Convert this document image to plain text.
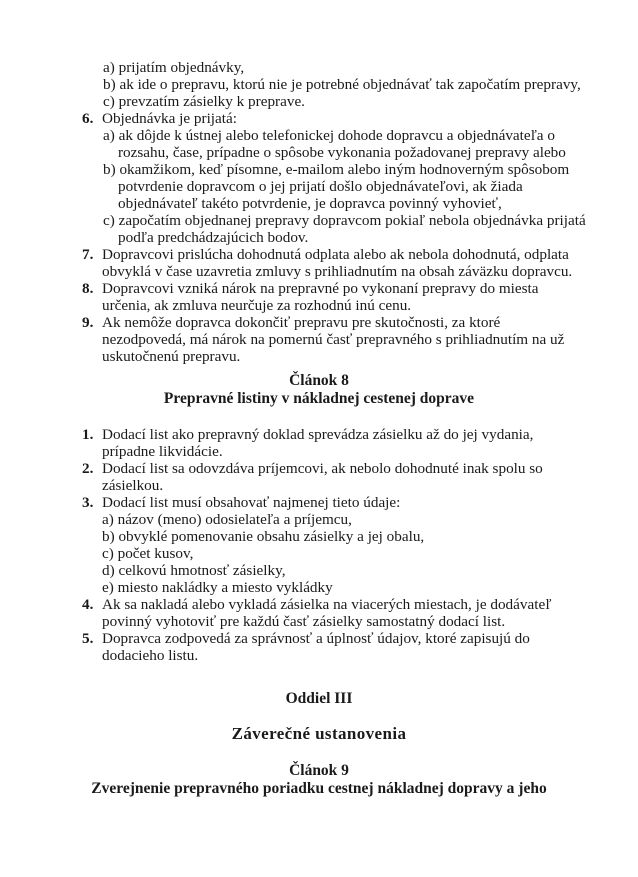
a) prijatím objednávky,
b) ak ide o prepravu, ktorú nie je potrebné objednávať tak započatím prepravy,
c) prevzatím zásielky k preprave.
6. Objednávka je prijatá:
a) ak dôjde k ústnej alebo telefonickej dohode dopravcu a objednávateľa o
rozsahu, čase, prípadne o spôsobe vykonania požadovanej prepravy alebo
b) okamžikom, keď písomne, e-mailom alebo iným hodnoverným spôsobom
potvrdenie dopravcom o jej prijatí došlo objednávateľovi, ak žiada
objednávateľ takéto potvrdenie, je dopravca povinný vyhovieť,
c) započatím objednanej prepravy dopravcom pokiaľ nebola objednávka prijatá
podľa predchádzajúcich bodov.
7. Dopravcovi prislúcha dohodnutá odplata alebo ak nebola dohodnutá, odplata
obvyklá v čase uzavretia zmluvy s prihliadnutím na obsah záväzku dopravcu.
8. Dopravcovi vzniká nárok na prepravné po vykonaní prepravy do miesta
určenia, ak zmluva neurčuje za rozhodnú inú cenu.
9. Ak nemôže dopravca dokončiť prepravu pre skutočnosti, za ktoré
nezodpovedá, má nárok na pomernú časť prepravného s prihliadnutím na už
uskutočnenú prepravu.
Článok 8
Prepravné listiny v nákladnej cestenej doprave
1. Dodací list ako prepravný doklad sprevádza zásielku až do jej vydania,
prípadne likvidácie.
2. Dodací list sa odovzdáva príjemcovi, ak nebolo dohodnuté inak spolu so
zásielkou.
3. Dodací list musí obsahovať najmenej tieto údaje:
a) názov (meno) odosielateľa a príjemcu,
b) obvyklé pomenovanie obsahu zásielky a jej obalu,
c) počet kusov,
d) celkovú hmotnosť zásielky,
e) miesto nakládky a miesto vykládky
4. Ak sa nakladá alebo vykladá zásielka na viacerých miestach, je dodávateľ
povinný vyhotoviť pre každú časť zásielky samostatný dodací list.
5. Dopravca zodpovedá za správnosť a úplnosť údajov, ktoré zapisujú do
dodacieho listu.
Oddiel III
Záverečné ustanovenia
Článok 9
Zverejnenie prepravného poriadku cestnej nákladnej dopravy a jeho
